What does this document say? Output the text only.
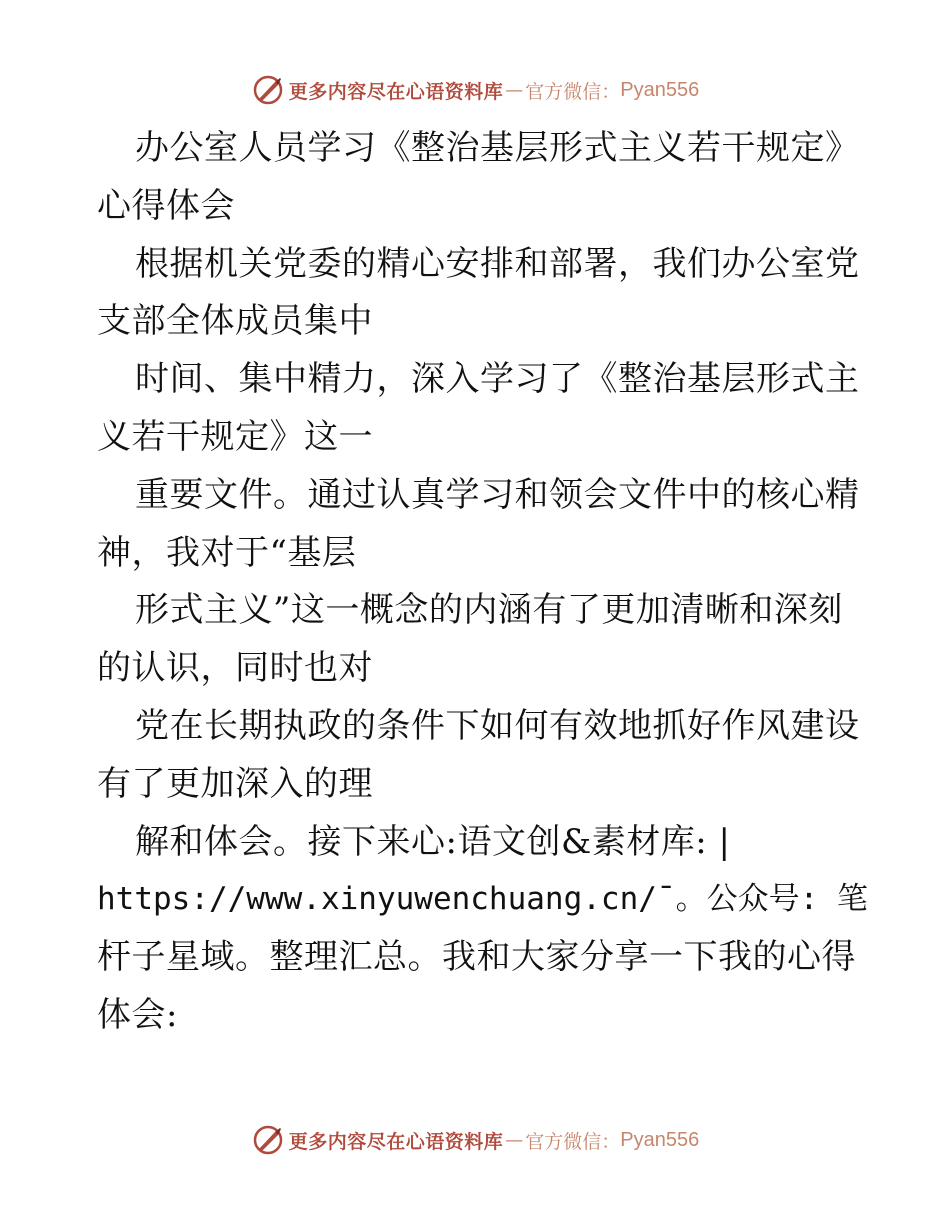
更多内容尽在心语资料库 — 官方微信： Pyan556
办公室人员学习《整治基层形式主义若干规定》
心得体会
根据机关党委的精心安排和部署，我们办公室党
支部全体成员集中
时间、集中精力，深入学习了《整治基层形式主
义若干规定》这一
重要文件。通过认真学习和领会文件中的核心精
神，我对于“基层
形式主义”这一概念的内涵有了更加清晰和深刻
的认识，同时也对
党在长期执政的条件下如何有效地抓好作风建设
有了更加深入的理
解和体会。接下来心:语文创&素材库: |
https://www.xinyuwenchuang.cn/¯。公众号: 笔
杆子星域。整理汇总。我和大家分享一下我的心得
体会:
更多内容尽在心语资料库 — 官方微信： Pyan556
